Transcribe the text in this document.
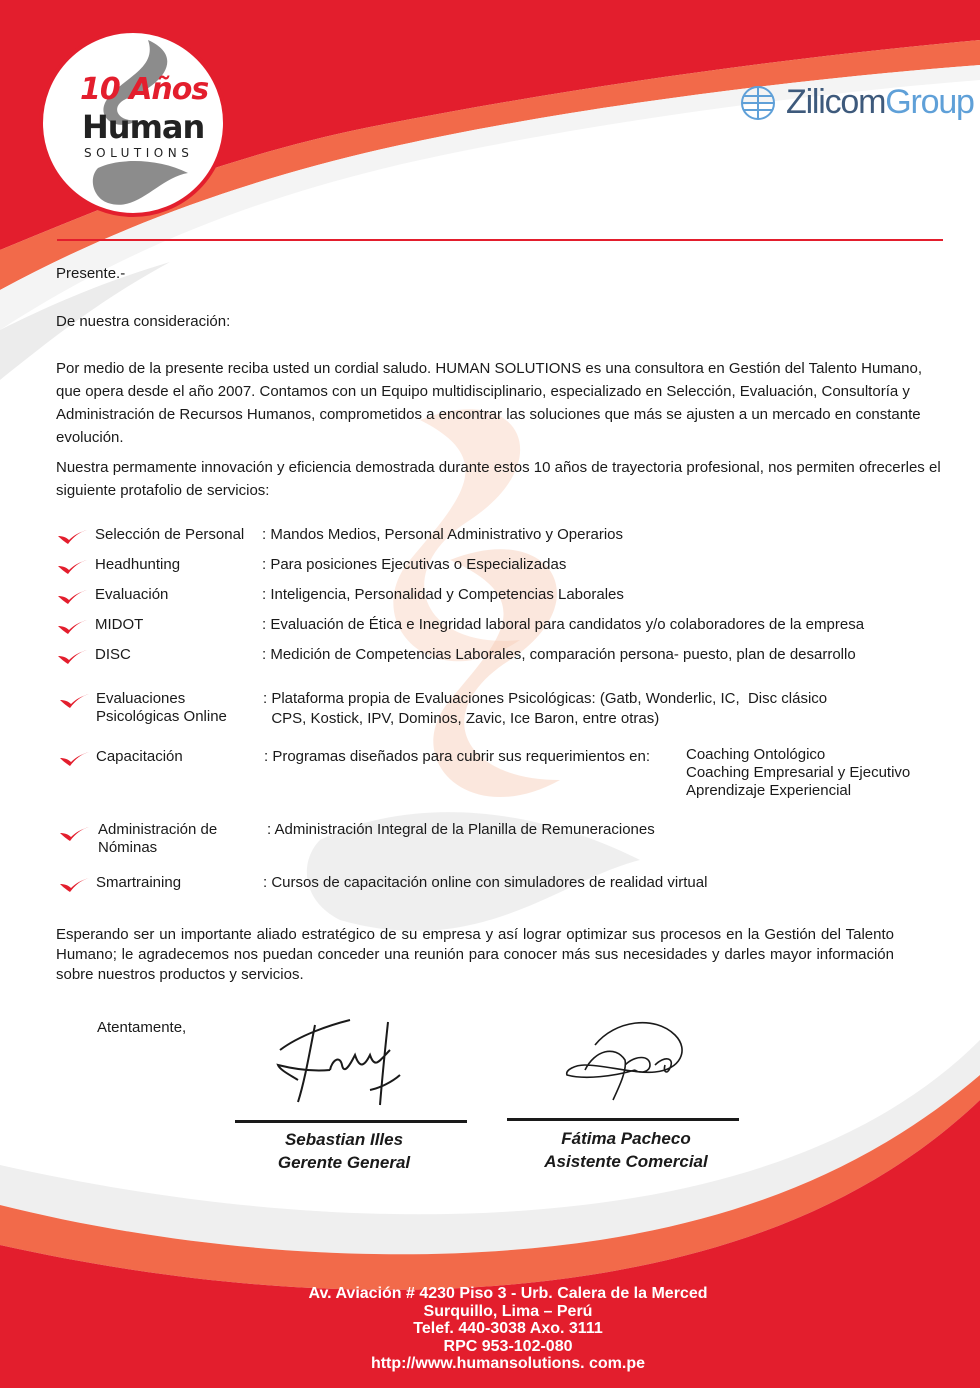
10 Años
Human
SOLUTIONS
ZilicomGroup
Presente.-
De nuestra consideración:
Por medio de la presente reciba usted un cordial saludo. HUMAN SOLUTIONS es una consultora en Gestión del Talento Humano, que opera desde el año 2007. Contamos con un Equipo multidisciplinario, especializado en Selección, Evaluación, Consultoría y Administración de Recursos Humanos, comprometidos a encontrar las soluciones que más se ajusten a un mercado en constante evolución.
Nuestra permamente innovación y eficiencia demostrada durante estos 10 años de trayectoria profesional, nos permiten ofrecerles el siguiente protafolio de servicios:
Selección de Personal : Mandos Medios, Personal Administrativo y Operarios
Headhunting	: Para posiciones Ejecutivas o Especializadas
Evaluación	: Inteligencia, Personalidad y Competencias Laborales
MIDOT	: Evaluación de Ética e Inegridad laboral para candidatos y/o colaboradores de la empresa
DISC	: Medición de Competencias Laborales, comparación persona- puesto, plan de desarrollo
Evaluaciones
Psicológicas Online
: Plataforma propia de Evaluaciones Psicológicas: (Gatb, Wonderlic, IC,  Disc clásico
CPS, Kostick, IPV, Dominos, Zavic, Ice Baron, entre otras)
Capacitación	: Programas diseñados para cubrir sus requerimientos en: Coaching Ontológico
Coaching Empresarial y Ejecutivo
Aprendizaje Experiencial
Administración de
Nóminas
: Administración Integral de la Planilla de Remuneraciones
Smartraining	: Cursos de capacitación online con simuladores de realidad virtual
Esperando ser un importante aliado estratégico de su empresa y así lograr optimizar sus procesos en la Gestión del Talento Humano; le agradecemos nos puedan conceder una reunión para conocer más sus necesidades y darles mayor información sobre nuestros productos y servicios.
Atentamente,
Sebastian Illes
Gerente General
Fátima Pacheco
Asistente Comercial
Av. Aviación # 4230 Piso 3 - Urb. Calera de la Merced
Surquillo, Lima – Perú
Telef. 440-3038 Axo. 3111
RPC 953-102-080
http://www.humansolutions. com.pe
